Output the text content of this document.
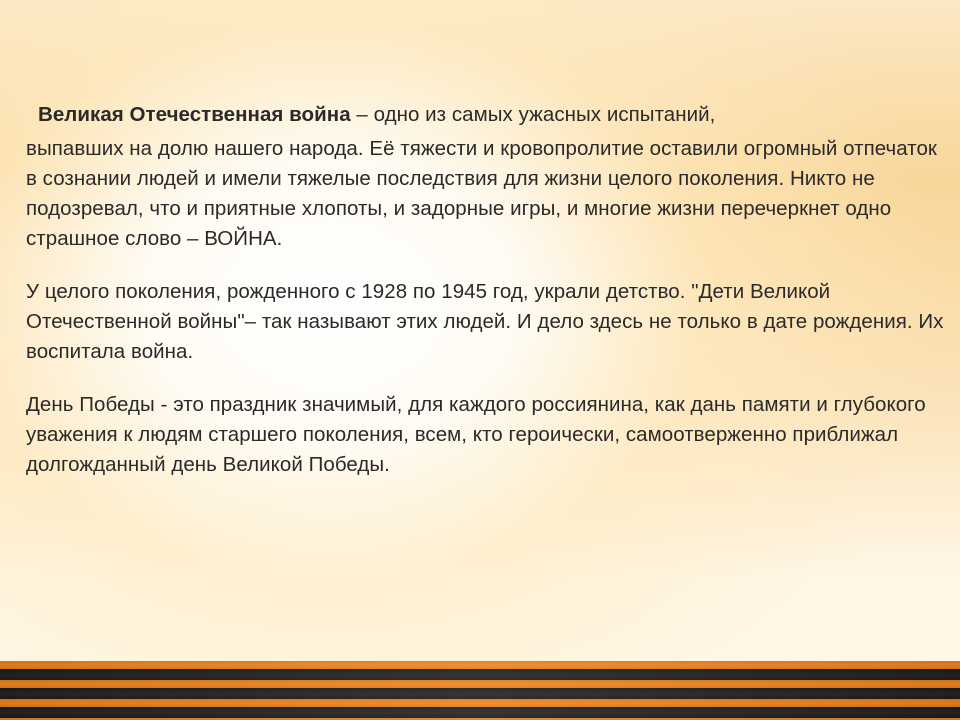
Великая Отечественная война – одно из самых ужасных испытаний,
выпавших на долю нашего народа. Её тяжести и кровопролитие оставили огромный отпечаток в сознании людей и имели тяжелые последствия для жизни целого поколения. Никто не подозревал, что и приятные хлопоты, и задорные игры, и многие жизни перечеркнет одно страшное слово – ВОЙНА.
У целого поколения, рожденного с 1928 по 1945 год, украли детство. "Дети Великой Отечественной войны"– так называют этих людей. И дело здесь не только в дате рождения. Их воспитала война.
День Победы - это праздник значимый, для каждого россиянина, как дань памяти и глубокого уважения к людям старшего поколения, всем, кто героически, самоотверженно приближал долгожданный день Великой Победы.
